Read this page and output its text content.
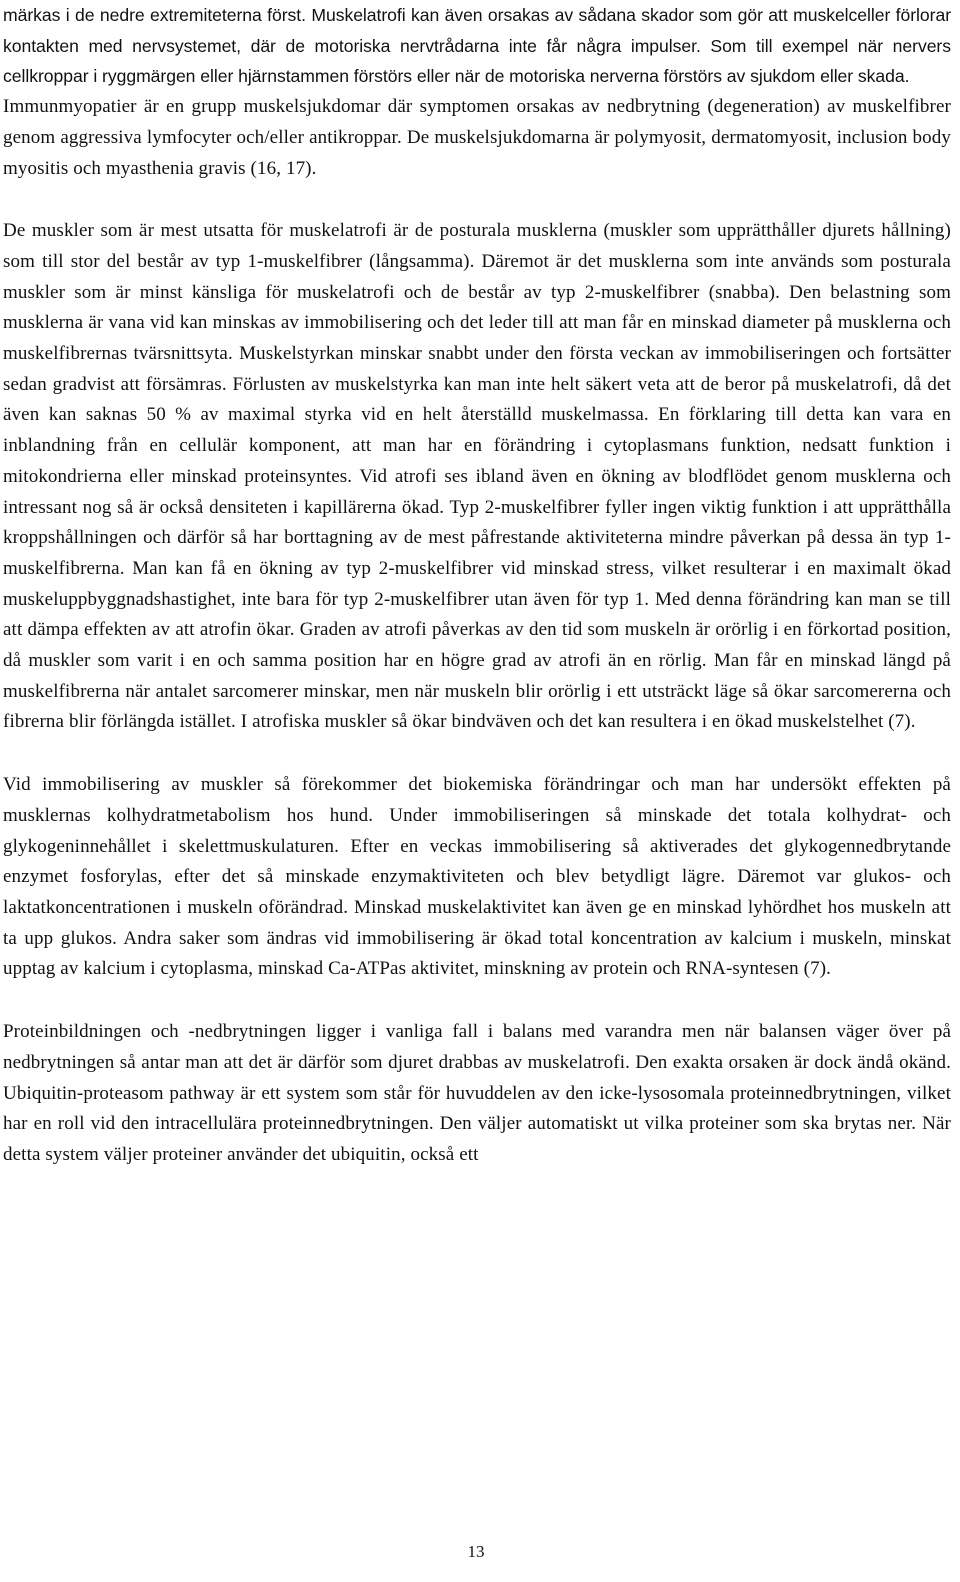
märkas i de nedre extremiteterna först. Muskelatrofi kan även orsakas av sådana skador som gör att muskelceller förlorar kontakten med nervsystemet, där de motoriska nervtrådarna inte får några impulser. Som till exempel när nervers cellkroppar i ryggmärgen eller hjärnstammen förstörs eller när de motoriska nerverna förstörs av sjukdom eller skada.

Immunmyopatier är en grupp muskelsjukdomar där symptomen orsakas av nedbrytning (degeneration) av muskelfibrer genom aggressiva lymfocyter och/eller antikroppar. De muskelsjukdomarna är polymyosit, dermatomyosit, inclusion body myositis och myasthenia gravis (16, 17).

De muskler som är mest utsatta för muskelatrofi är de posturala musklerna (muskler som upprätthåller djurets hållning) som till stor del består av typ 1-muskelfibrer (långsamma). Däremot är det musklerna som inte används som posturala muskler som är minst känsliga för muskelatrofi och de består av typ 2-muskelfibrer (snabba). Den belastning som musklerna är vana vid kan minskas av immobilisering och det leder till att man får en minskad diameter på musklerna och muskelfibrernas tvärsnittsyta. Muskelstyrkan minskar snabbt under den första veckan av immobiliseringen och fortsätter sedan gradvist att försämras. Förlusten av muskelstyrka kan man inte helt säkert veta att de beror på muskelatrofi, då det även kan saknas 50 % av maximal styrka vid en helt återställd muskelmassa. En förklaring till detta kan vara en inblandning från en cellulär komponent, att man har en förändring i cytoplasmans funktion, nedsatt funktion i mitokondrierna eller minskad proteinsyntes. Vid atrofi ses ibland även en ökning av blodflödet genom musklerna och intressant nog så är också densiteten i kapillärerna ökad. Typ 2-muskelfibrer fyller ingen viktig funktion i att upprätthålla kroppshållningen och därför så har borttagning av de mest påfrestande aktiviteterna mindre påverkan på dessa än typ 1-muskelfibrerna. Man kan få en ökning av typ 2-muskelfibrer vid minskad stress, vilket resulterar i en maximalt ökad muskeluppbyggnadshastighet, inte bara för typ 2-muskelfibrer utan även för typ 1. Med denna förändring kan man se till att dämpa effekten av att atrofin ökar. Graden av atrofi påverkas av den tid som muskeln är orörlig i en förkortad position, då muskler som varit i en och samma position har en högre grad av atrofi än en rörlig. Man får en minskad längd på muskelfibrerna när antalet sarcomerer minskar, men när muskeln blir orörlig i ett utsträckt läge så ökar sarcomererna och fibrerna blir förlängda istället. I atrofiska muskler så ökar bindväven och det kan resultera i en ökad muskelstelhet (7).

Vid immobilisering av muskler så förekommer det biokemiska förändringar och man har undersökt effekten på musklernas kolhydratmetabolism hos hund. Under immobiliseringen så minskade det totala kolhydrat- och glykogeninnehållet i skelettmuskulaturen. Efter en veckas immobilisering så aktiverades det glykogennedbrytande enzymet fosforylas, efter det så minskade enzymaktiviteten och blev betydligt lägre. Däremot var glukos- och laktatkoncentrationen i muskeln oförändrad. Minskad muskelaktivitet kan även ge en minskad lyhördhet hos muskeln att ta upp glukos. Andra saker som ändras vid immobilisering är ökad total koncentration av kalcium i muskeln, minskat upptag av kalcium i cytoplasma, minskad Ca-ATPas aktivitet, minskning av protein och RNA-syntesen (7).

Proteinbildningen och -nedbrytningen ligger i vanliga fall i balans med varandra men när balansen väger över på nedbrytningen så antar man att det är därför som djuret drabbas av muskelatrofi. Den exakta orsaken är dock ändå okänd. Ubiquitin-proteasom pathway är ett system som står för huvuddelen av den icke-lysosomala proteinnedbrytningen, vilket har en roll vid den intracellulära proteinnedbrytningen. Den väljer automatiskt ut vilka proteiner som ska brytas ner. När detta system väljer proteiner använder det ubiquitin, också ett

13
